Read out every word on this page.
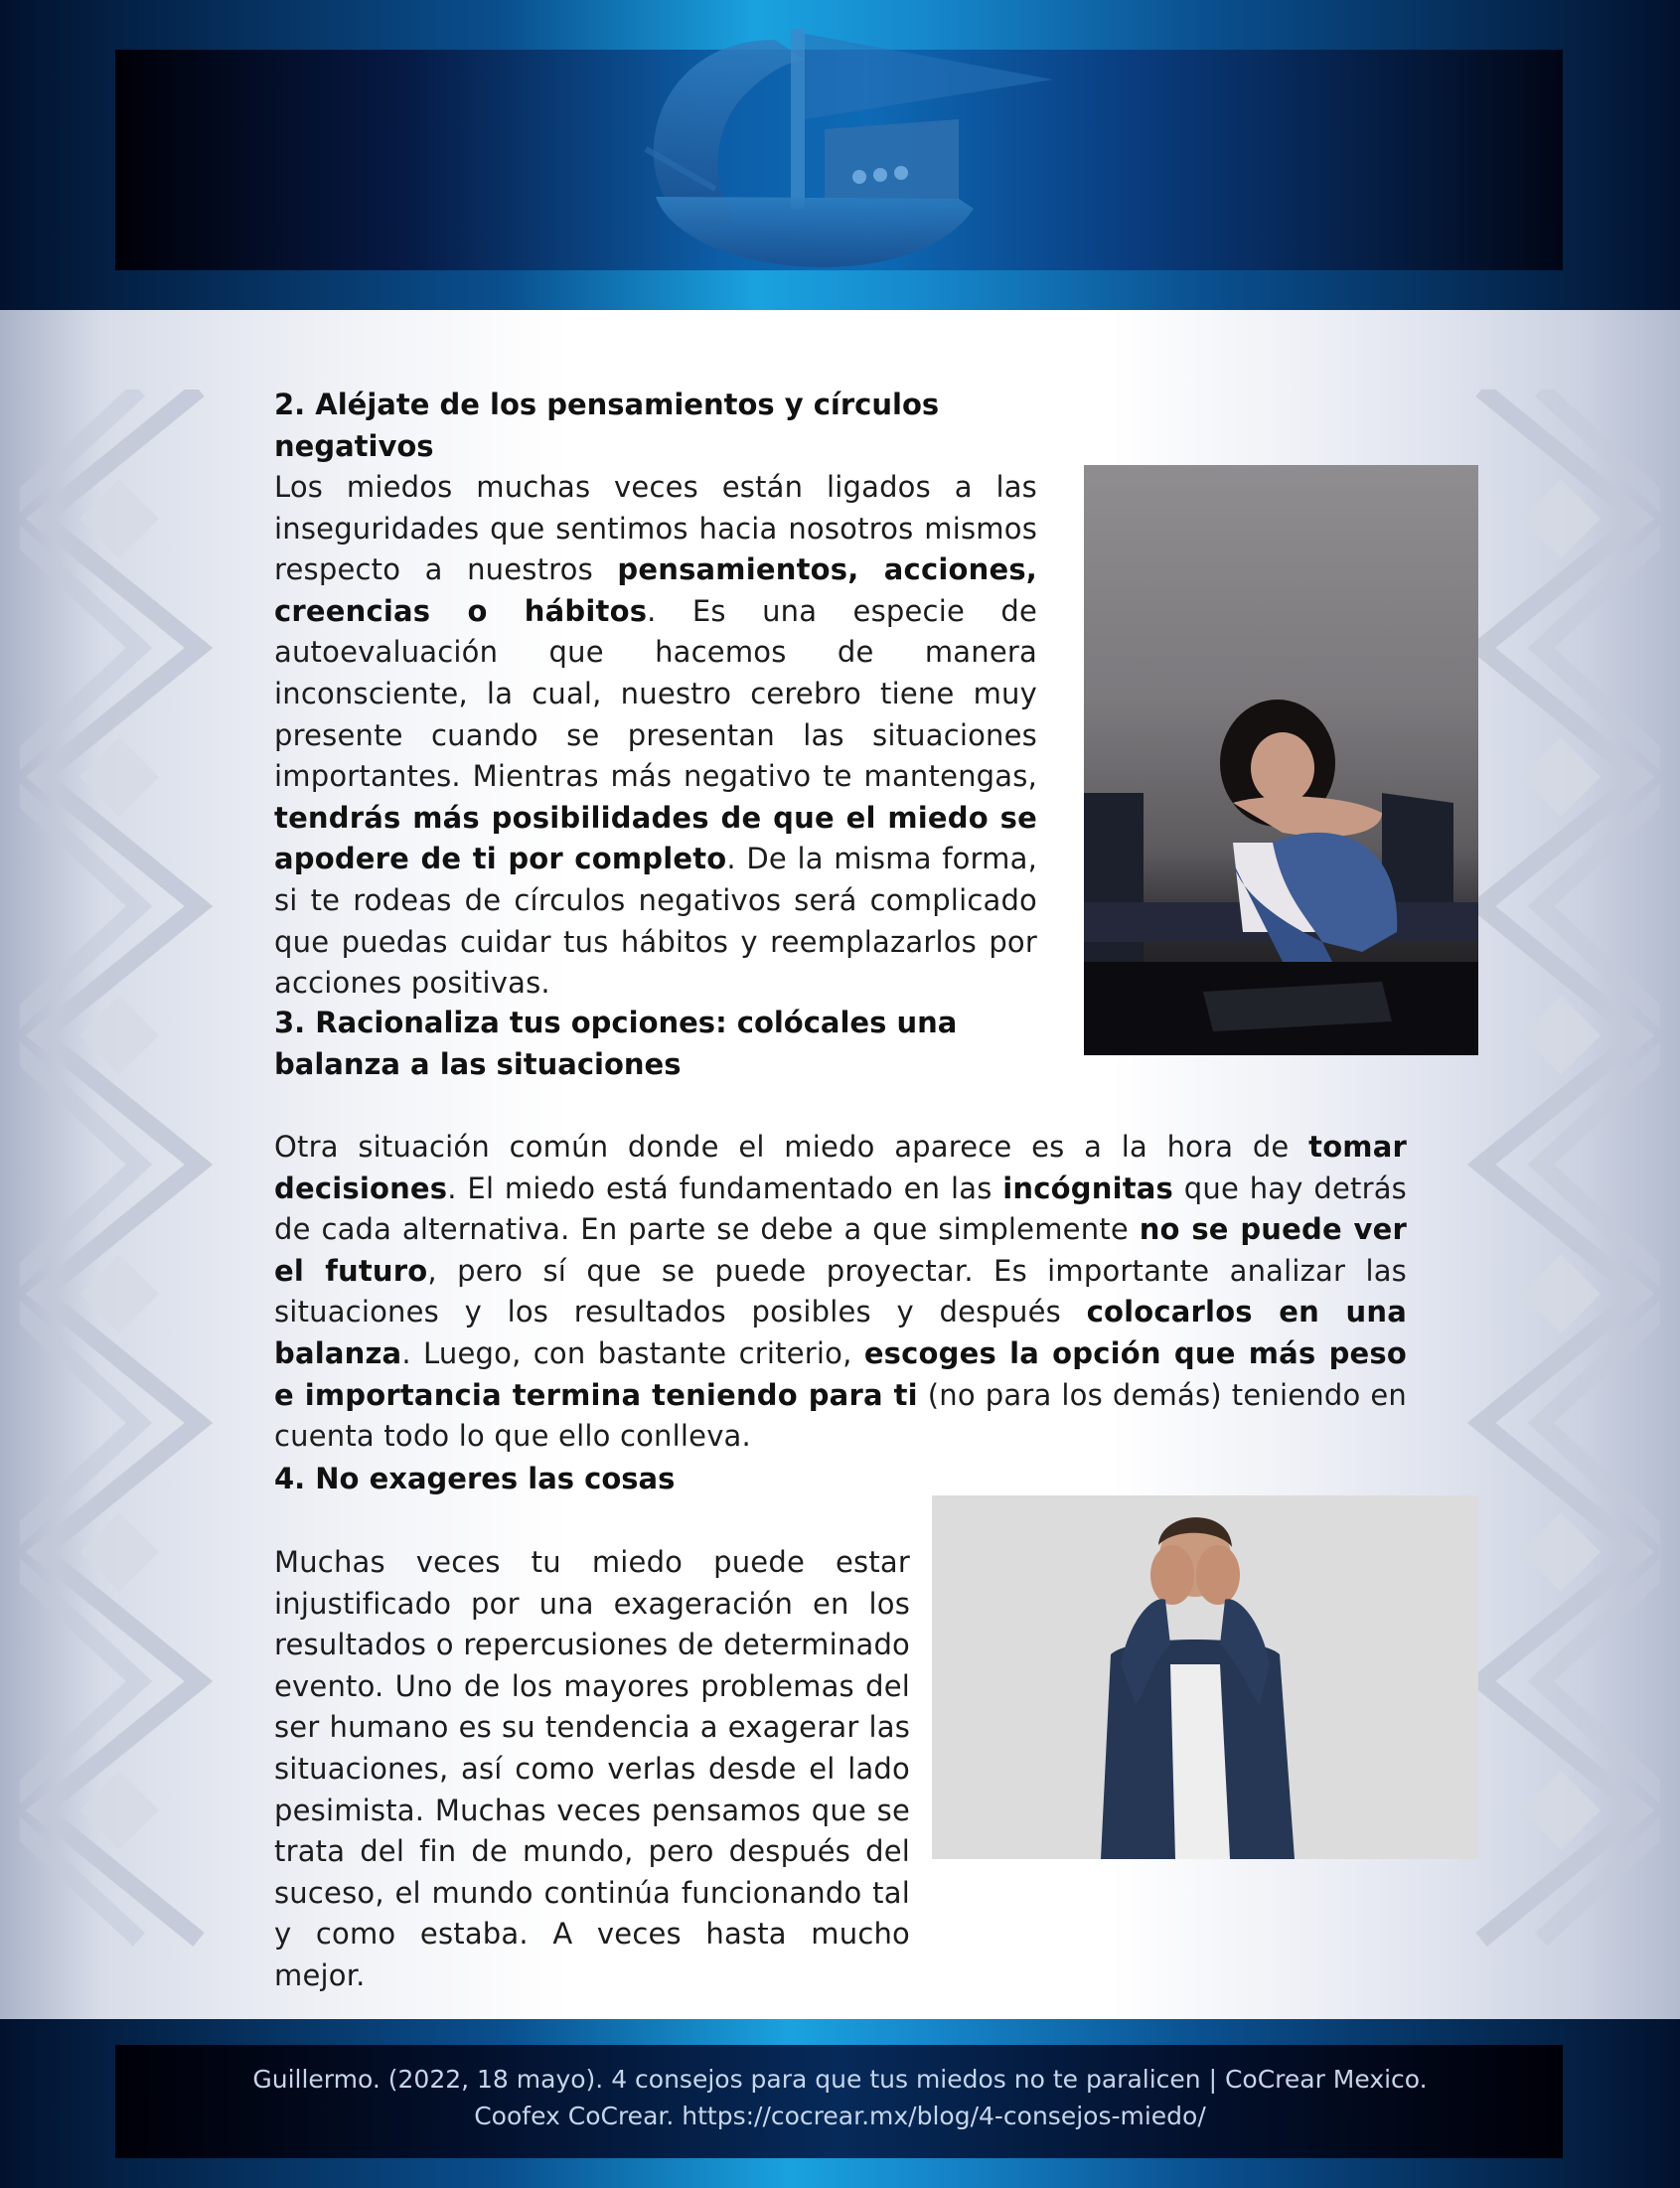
2. Aléjate de los pensamientos y círculos negativos

Los miedos muchas veces están ligados a las inseguridades que sentimos hacia nosotros mismos respecto a nuestros pensamientos, acciones, creencias o hábitos. Es una especie de autoevaluación que hacemos de manera inconsciente, la cual, nuestro cerebro tiene muy presente cuando se presentan las situaciones importantes. Mientras más negativo te mantengas, tendrás más posibilidades de que el miedo se apodere de ti por completo. De la misma forma, si te rodeas de círculos negativos será complicado que puedas cuidar tus hábitos y reemplazarlos por acciones positivas.

3. Racionaliza tus opciones: colócales una balanza a las situaciones

Otra situación común donde el miedo aparece es a la hora de tomar decisiones. El miedo está fundamentado en las incógnitas que hay detrás de cada alternativa. En parte se debe a que simplemente no se puede ver el futuro, pero sí que se puede proyectar. Es importante analizar las situaciones y los resultados posibles y después colocarlos en una balanza. Luego, con bastante criterio, escoges la opción que más peso e importancia termina teniendo para ti (no para los demás) teniendo en cuenta todo lo que ello conlleva.

4. No exageres las cosas

Muchas veces tu miedo puede estar injustificado por una exageración en los resultados o repercusiones de determinado evento. Uno de los mayores problemas del ser humano es su tendencia a exagerar las situaciones, así como verlas desde el lado pesimista. Muchas veces pensamos que se trata del fin de mundo, pero después del suceso, el mundo continúa funcionando tal y como estaba. A veces hasta mucho mejor.

Guillermo. (2022, 18 mayo). 4 consejos para que tus miedos no te paralicen | CoCrear Mexico.
Coofex CoCrear. https://cocrear.mx/blog/4-consejos-miedo/
